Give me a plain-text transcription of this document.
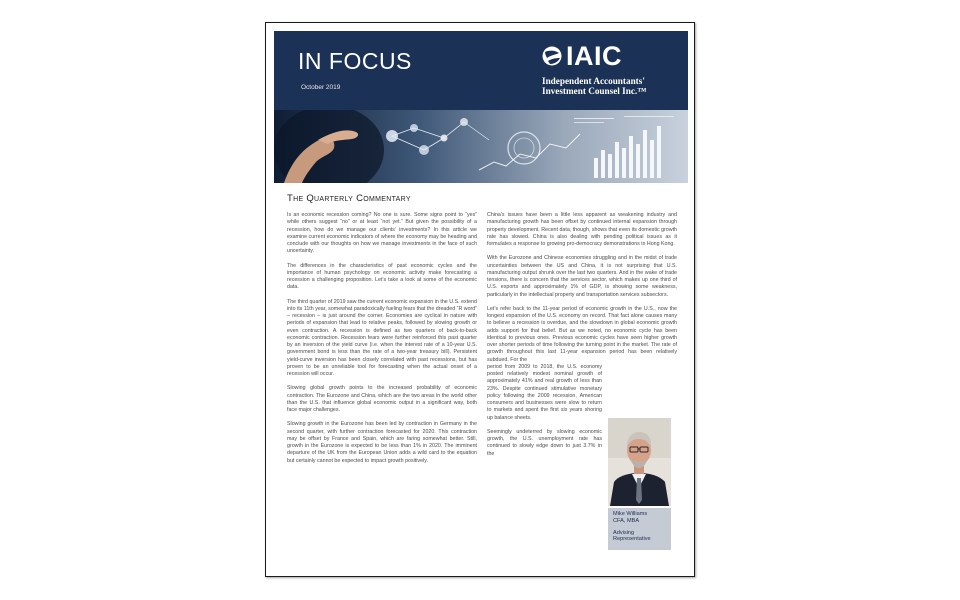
IN FOCUS
October 2019
IAIC
Independent Accountants'
Investment Counsel Inc.™
The Quarterly Commentary

Is an economic recession coming? No one is sure. Some signs point to “yes” while others suggest “no” or at least “not yet.” But given the possibility of a recession, how do we manage our clients’ investments? In this article we examine current economic indicators of where the economy may be heading and conclude with our thoughts on how we manage investments in the face of such uncertainty.

The differences in the characteristics of past economic cycles and the importance of human psychology on economic activity make forecasting a recession a challenging proposition. Let’s take a look at some of the economic data.

The third quarter of 2019 saw the current economic expansion in the U.S. extend into its 11th year, somewhat paradoxically fueling fears that the dreaded “R word” – recession – is just around the corner. Economies are cyclical in nature with periods of expansion that lead to relative peaks, followed by slowing growth or even contraction. A recession is defined as two quarters of back-to-back economic contraction. Recession fears were further reinforced this past quarter by an inversion of the yield curve (i.e. when the interest rate of a 10-year U.S. government bond is less than the rate of a two-year treasury bill). Persistent yield-curve inversion has been closely correlated with past recessions, but has proven to be an unreliable tool for forecasting when the actual onset of a recession will occur.

Slowing global growth points to the increased probability of economic contraction. The Eurozone and China, which are the two areas in the world other than the U.S. that influence global economic output in a significant way, both face major challenges.

Slowing growth in the Eurozone has been led by contraction in Germany in the second quarter, with further contraction forecasted for 2020. This contraction may be offset by France and Spain, which are faring somewhat better. Still, growth in the Eurozone is expected to be less than 1% in 2020. The imminent departure of the UK from the European Union adds a wild card to the equation but certainly cannot be expected to impact growth positively.

China’s issues have been a little less apparent as weakening industry and manufacturing growth has been offset by continued internal expansion through property development. Recent data, though, shows that even its domestic growth rate has slowed. China is also dealing with pending political issues as it formulates a response to growing pro-democracy demonstrations in Hong Kong.

With the Eurozone and Chinese economies struggling and in the midst of trade uncertainties between the US and China, it is not surprising that U.S. manufacturing output shrunk over the last two quarters. And in the wake of trade tensions, there is concern that the services sector, which makes up one third of U.S. exports and approximately 1% of GDP, is showing some weakness, particularly in the intellectual property and transportation services subsectors.

Let’s refer back to the 11-year period of economic growth in the U.S., now the longest expansion of the U.S. economy on record. That fact alone causes many to believe a recession is overdue, and the slowdown in global economic growth adds support for that belief. But as we noted, no economic cycle has been identical to previous ones. Previous economic cycles have seen higher growth over shorter periods of time following the turning point in the market. The rate of growth throughout this last 11-year expansion period has been relatively subdued. For the

period from 2009 to 2018, the U.S. economy posted relatively modest nominal growth of approximately 41% and real growth of less than 23%. Despite continued stimulative monetary policy following the 2009 recession, American consumers and businesses were slow to return to markets and spent the first six years shoring up balance sheets.

Seemingly undeterred by slowing economic growth, the U.S. unemployment rate has continued to slowly edge down to just 3.7% in the

Mike Williams
CFA, MBA
Advising
Representative
